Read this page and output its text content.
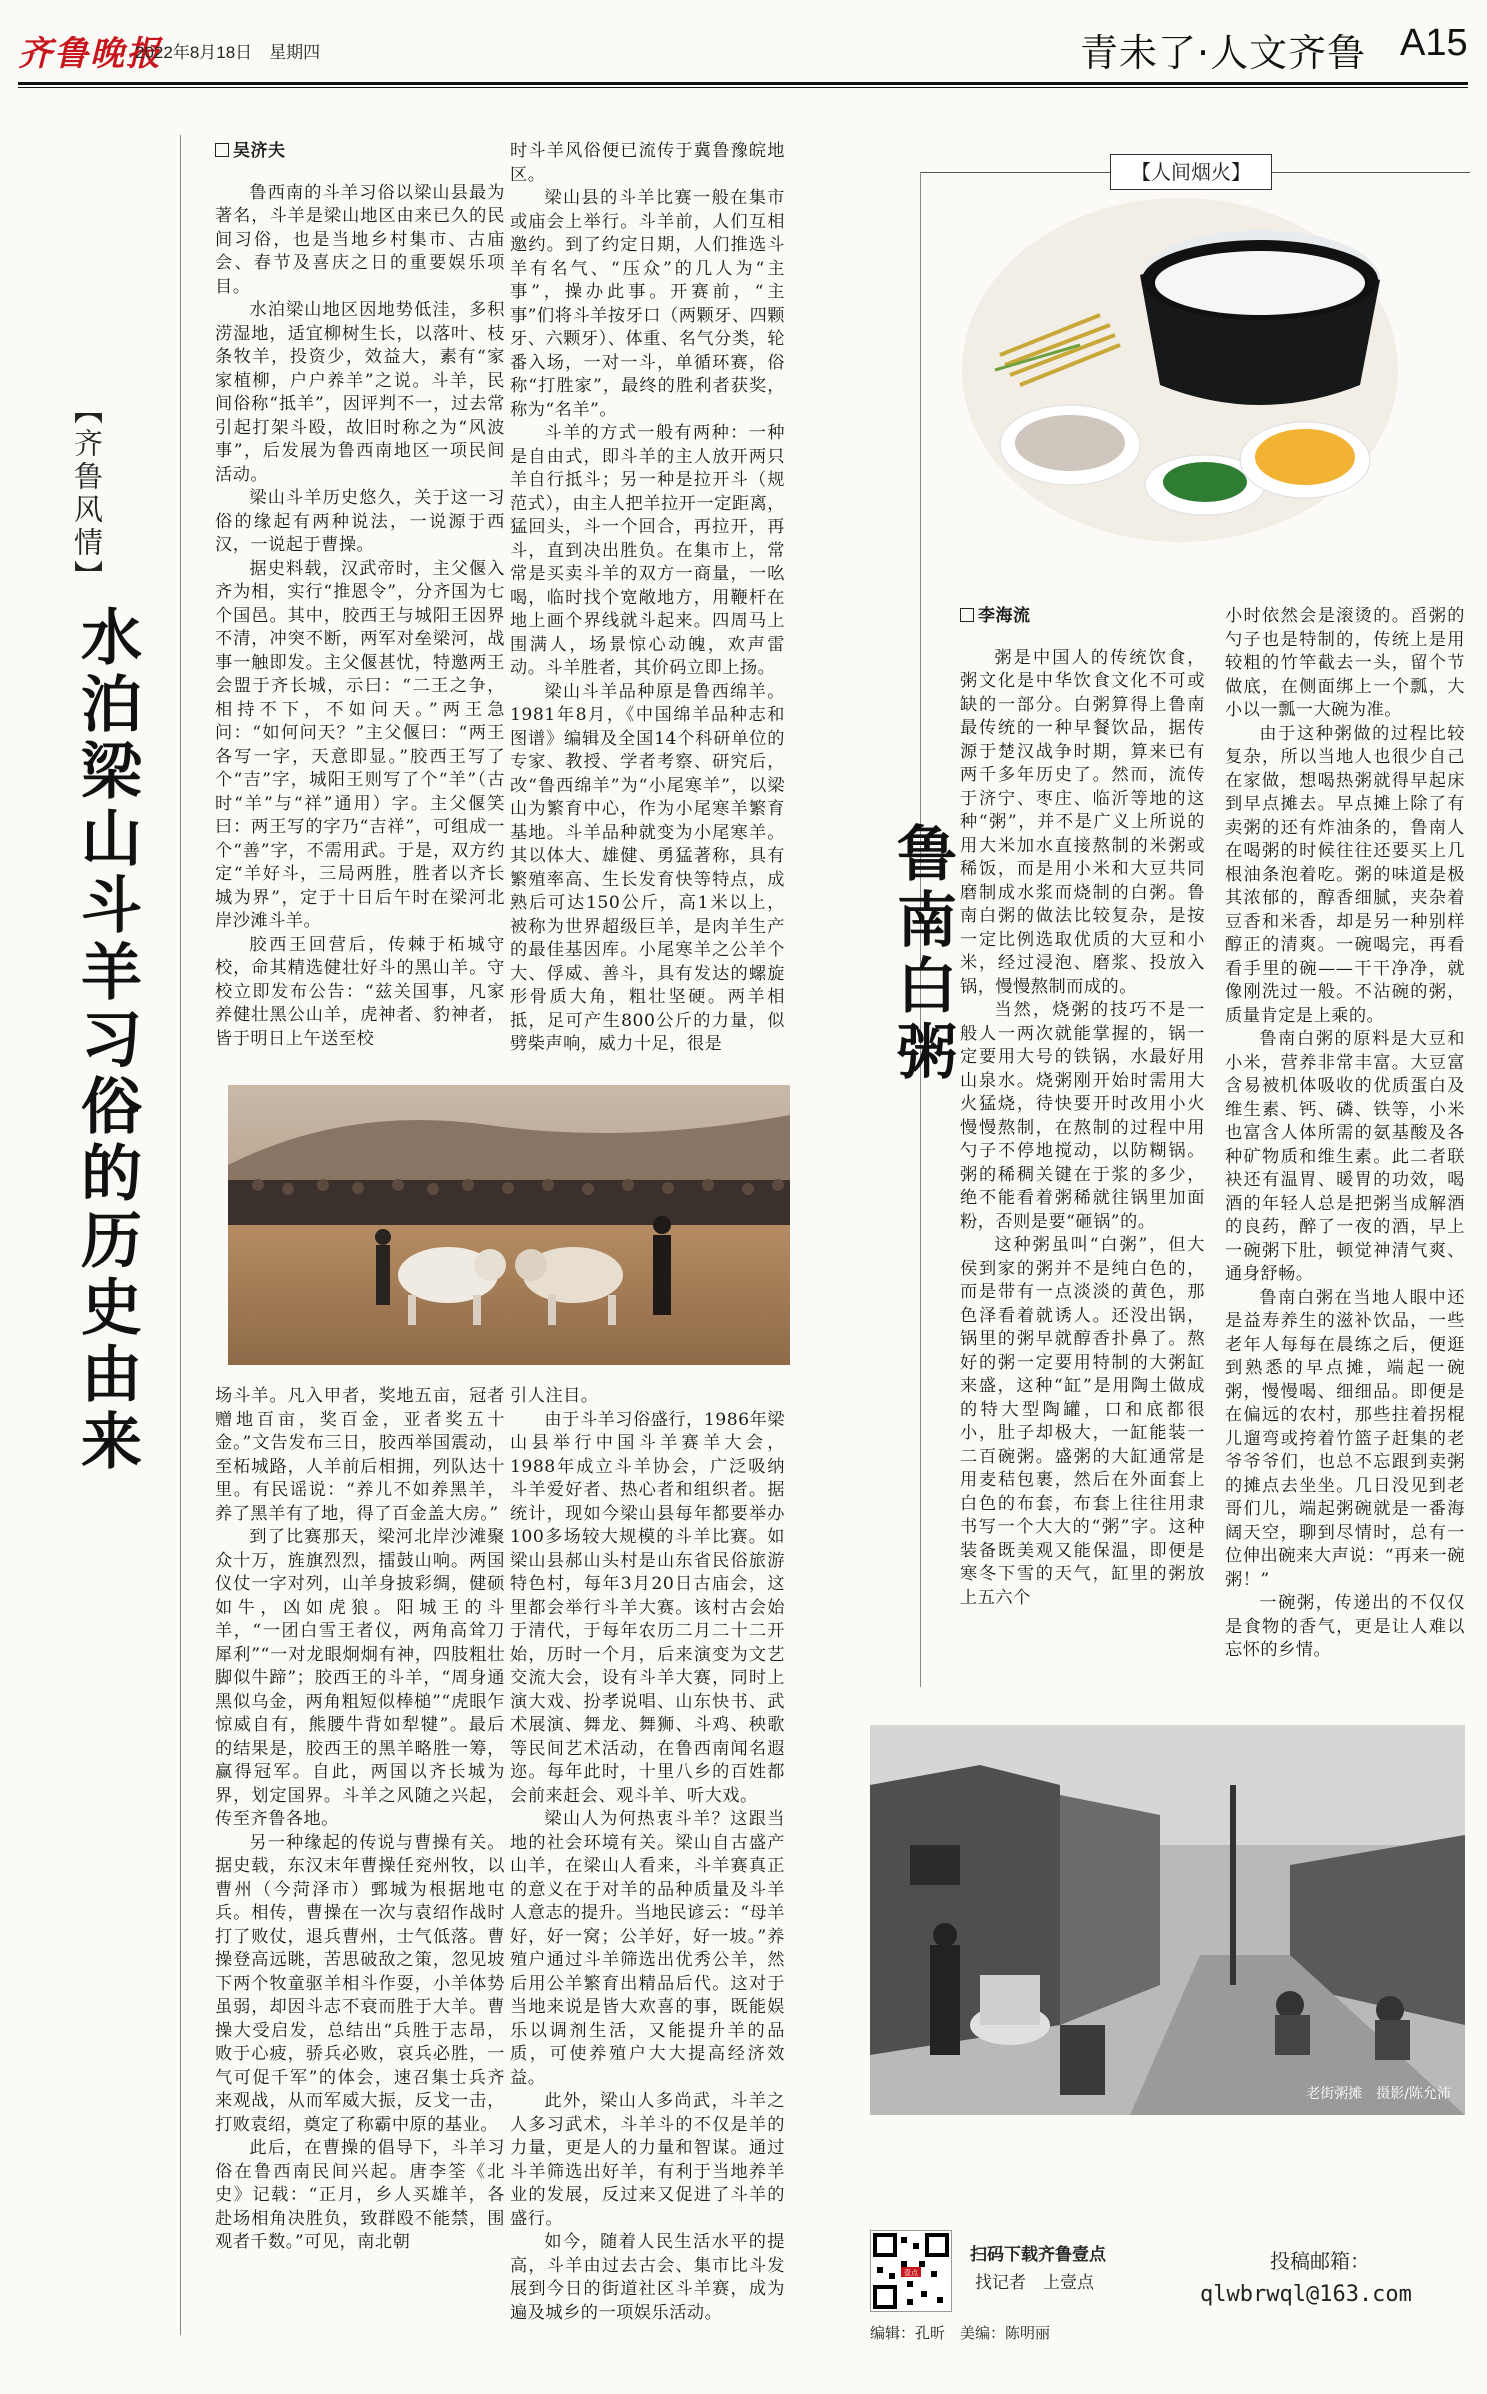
齐鲁晚报
2022年8月18日　 星期四	青未了·人文齐鲁 A15
【齐鲁风情】
水泊梁山斗羊习俗的历史由来
吴济夫

鲁西南的斗羊习俗以梁山县最为著名，斗羊是梁山地区由来已久的民间习俗，也是当地乡村集市、古庙会、春节及喜庆之日的重要娱乐项目。

水泊梁山地区因地势低洼，多积涝湿地，适宜柳树生长，以落叶、枝条牧羊，投资少，效益大，素有“家家植柳，户户养羊”之说。斗羊，民间俗称“抵羊”，因评判不一，过去常引起打架斗殴，故旧时称之为“风波事”，后发展为鲁西南地区一项民间活动。

梁山斗羊历史悠久，关于这一习俗的缘起有两种说法，一说源于西汉，一说起于曹操。

据史料载，汉武帝时，主父偃入齐为相，实行“推恩令”，分齐国为七个国邑。其中，胶西王与城阳王因界不清，冲突不断，两军对垒梁河，战事一触即发。主父偃甚忧，特邀两王会盟于齐长城，示曰：“二王之争，相持不下，不如问天。”两王急问：“如何问天？”主父偃曰：“两王各写一字，天意即显。”胶西王写了个“吉”字，城阳王则写了个“羊”（古时“羊”与“祥”通用）字。主父偃笑曰：两王写的字乃“吉祥”，可组成一个“善”字，不需用武。于是，双方约定“羊好斗，三局两胜，胜者以齐长城为界”，定于十日后午时在梁河北岸沙滩斗羊。

胶西王回营后，传棘于柘城守校，命其精选健壮好斗的黑山羊。守校立即发布公告：“兹关国事，凡家养健壮黑公山羊，虎神者、豹神者，皆于明日上午送至校

时斗羊风俗便已流传于冀鲁豫皖地区。

梁山县的斗羊比赛一般在集市或庙会上举行。斗羊前，人们互相邀约。到了约定日期，人们推选斗羊有名气、“压众”的几人为“主事”，操办此事。开赛前，“主事”们将斗羊按牙口（两颗牙、四颗牙、六颗牙）、体重、名气分类，轮番入场，一对一斗，单循环赛，俗称“打胜家”，最终的胜利者获奖，称为“名羊”。

斗羊的方式一般有两种：一种是自由式，即斗羊的主人放开两只羊自行抵斗；另一种是拉开斗（规范式），由主人把羊拉开一定距离，猛回头，斗一个回合，再拉开，再斗，直到决出胜负。在集市上，常常是买卖斗羊的双方一商量，一吆喝，临时找个宽敞地方，用鞭杆在地上画个界线就斗起来。四周马上围满人，场景惊心动魄，欢声雷动。斗羊胜者，其价码立即上扬。

梁山斗羊品种原是鲁西绵羊。1981年8月，《中国绵羊品种志和图谱》编辑及全国14个科研单位的专家、教授、学者考察、研究后，改“鲁西绵羊”为“小尾寒羊”，以梁山为繁育中心，作为小尾寒羊繁育基地。斗羊品种就变为小尾寒羊。其以体大、雄健、勇猛著称，具有繁殖率高、生长发育快等特点，成熟后可达150公斤，高1米以上，被称为世界超级巨羊，是肉羊生产的最佳基因库。小尾寒羊之公羊个大、俘威、善斗，具有发达的螺旋形骨质大角，粗壮坚硬。两羊相抵，足可产生800公斤的力量，似劈柴声响，威力十足，很是

场斗羊。凡入甲者，奖地五亩，冠者赠地百亩，奖百金，亚者奖五十金。”文告发布三日，胶西举国震动，至柘城路，人羊前后相拥，列队达十里。有民谣说：“养儿不如养黑羊，养了黑羊有了地，得了百金盖大房。”

到了比赛那天，梁河北岸沙滩聚众十万，旌旗烈烈，擂鼓山响。两国仪仗一字对列，山羊身披彩绸，健硕如牛，凶如虎狼。阳城王的斗羊，“一团白雪王者仪，两角高耸刀犀利”“一对龙眼炯炯有神，四肢粗壮脚似牛蹄”；胶西王的斗羊，“周身通黑似乌金，两角粗短似棒槌”“虎眼乍惊威自有，熊腰牛背如犁犍”。最后的结果是，胶西王的黑羊略胜一筹，赢得冠军。自此，两国以齐长城为界，划定国界。斗羊之风随之兴起，传至齐鲁各地。

另一种缘起的传说与曹操有关。据史载，东汉末年曹操任兖州牧，以曹州（今菏泽市）鄄城为根据地屯兵。相传，曹操在一次与袁绍作战时打了败仗，退兵曹州，士气低落。曹操登高远眺，苦思破敌之策，忽见坡下两个牧童驱羊相斗作耍，小羊体势虽弱，却因斗志不衰而胜于大羊。曹操大受启发，总结出“兵胜于志昂，败于心疲，骄兵必败，哀兵必胜，一气可促千军”的体会，速召集士兵齐来观战，从而军威大振，反戈一击，打败袁绍，奠定了称霸中原的基业。

此后，在曹操的倡导下，斗羊习俗在鲁西南民间兴起。唐李筌《北史》记载：“正月，乡人买雄羊，各赴场相角决胜负，致群殴不能禁，围观者千数。”可见，南北朝

引人注目。

由于斗羊习俗盛行，1986年梁山县举行中国斗羊赛羊大会，1988年成立斗羊协会，广泛吸纳斗羊爱好者、热心者和组织者。据统计，现如今梁山县每年都要举办100多场较大规模的斗羊比赛。如梁山县郝山头村是山东省民俗旅游特色村，每年3月20日古庙会，这里都会举行斗羊大赛。该村古会始于清代，于每年农历二月二十二开始，历时一个月，后来演变为文艺交流大会，设有斗羊大赛，同时上演大戏、扮孝说唱、山东快书、武术展演、舞龙、舞狮、斗鸡、秧歌等民间艺术活动，在鲁西南闻名遐迩。每年此时，十里八乡的百姓都会前来赶会、观斗羊、听大戏。

梁山人为何热衷斗羊？这跟当地的社会环境有关。梁山自古盛产山羊，在梁山人看来，斗羊赛真正的意义在于对羊的品种质量及斗羊人意志的提升。当地民谚云：“母羊好，好一窝；公羊好，好一坡。”养殖户通过斗羊筛选出优秀公羊，然后用公羊繁育出精品后代。这对于当地来说是皆大欢喜的事，既能娱乐以调剂生活，又能提升羊的品质，可使养殖户大大提高经济效益。

此外，梁山人多尚武，斗羊之人多习武术，斗羊斗的不仅是羊的力量，更是人的力量和智谋。通过斗羊筛选出好羊，有利于当地养羊业的发展，反过来又促进了斗羊的盛行。

如今，随着人民生活水平的提高，斗羊由过去古会、集市比斗发展到今日的街道社区斗羊赛，成为遍及城乡的一项娱乐活动。

【人间烟火】
李海流

粥是中国人的传统饮食，粥文化是中华饮食文化不可或缺的一部分。白粥算得上鲁南最传统的一种早餐饮品，据传源于楚汉战争时期，算来已有两千多年历史了。然而，流传于济宁、枣庄、临沂等地的这种“粥”，并不是广义上所说的用大米加水直接熬制的米粥或稀饭，而是用小米和大豆共同磨制成水浆而烧制的白粥。鲁南白粥的做法比较复杂，是按一定比例选取优质的大豆和小米，经过浸泡、磨浆、投放入锅，慢慢熬制而成的。

当然，烧粥的技巧不是一般人一两次就能掌握的，锅一定要用大号的铁锅，水最好用山泉水。烧粥刚开始时需用大火猛烧，待快要开时改用小火慢慢熬制，在熬制的过程中用勺子不停地搅动，以防糊锅。粥的稀稠关键在于浆的多少，绝不能看着粥稀就往锅里加面粉，否则是要“砸锅”的。

这种粥虽叫“白粥”，但大侯到家的粥并不是纯白色的，而是带有一点淡淡的黄色，那色泽看着就诱人。还没出锅，锅里的粥早就醇香扑鼻了。熬好的粥一定要用特制的大粥缸来盛，这种“缸”是用陶土做成的特大型陶罐，口和底都很小，肚子却极大，一缸能装一二百碗粥。盛粥的大缸通常是用麦秸包裹，然后在外面套上白色的布套，布套上往往用隶书写一个大大的“粥”字。这种装备既美观又能保温，即便是寒冬下雪的天气，缸里的粥放上五六个

鲁南白粥

小时依然会是滚烫的。舀粥的勺子也是特制的，传统上是用较粗的竹竿截去一头，留个节做底，在侧面绑上一个瓢，大小以一瓢一大碗为准。

由于这种粥做的过程比较复杂，所以当地人也很少自己在家做，想喝热粥就得早起床到早点摊去。早点摊上除了有卖粥的还有炸油条的，鲁南人在喝粥的时候往往还要买上几根油条泡着吃。粥的味道是极其浓郁的，醇香细腻，夹杂着豆香和米香，却是另一种别样醇正的清爽。一碗喝完，再看看手里的碗——干干净净，就像刚洗过一般。不沾碗的粥，质量肯定是上乘的。

鲁南白粥的原料是大豆和小米，营养非常丰富。大豆富含易被机体吸收的优质蛋白及维生素、钙、磷、铁等，小米也富含人体所需的氨基酸及各种矿物质和维生素。此二者联袂还有温胃、暖胃的功效，喝酒的年轻人总是把粥当成解酒的良药，醉了一夜的酒，早上一碗粥下肚，顿觉神清气爽、通身舒畅。

鲁南白粥在当地人眼中还是益寿养生的滋补饮品，一些老年人每每在晨练之后，便逛到熟悉的早点摊，端起一碗粥，慢慢喝、细细品。即便是在偏远的农村，那些拄着拐棍儿遛弯或挎着竹篮子赶集的老爷爷爷们，也总不忘跟到卖粥的摊点去坐坐。几日没见到老哥们儿，端起粥碗就是一番海阔天空，聊到尽情时，总有一位伸出碗来大声说：“再来一碗粥！”

一碗粥，传递出的不仅仅是食物的香气，更是让人难以忘怀的乡情。

老街粥摊　摄影/陈允沛
壹点
扫码下载齐鲁壹点
找记者　上壹点
编辑：孔昕　美编：陈明丽
投稿邮箱：
qlwbrwql@163.com
